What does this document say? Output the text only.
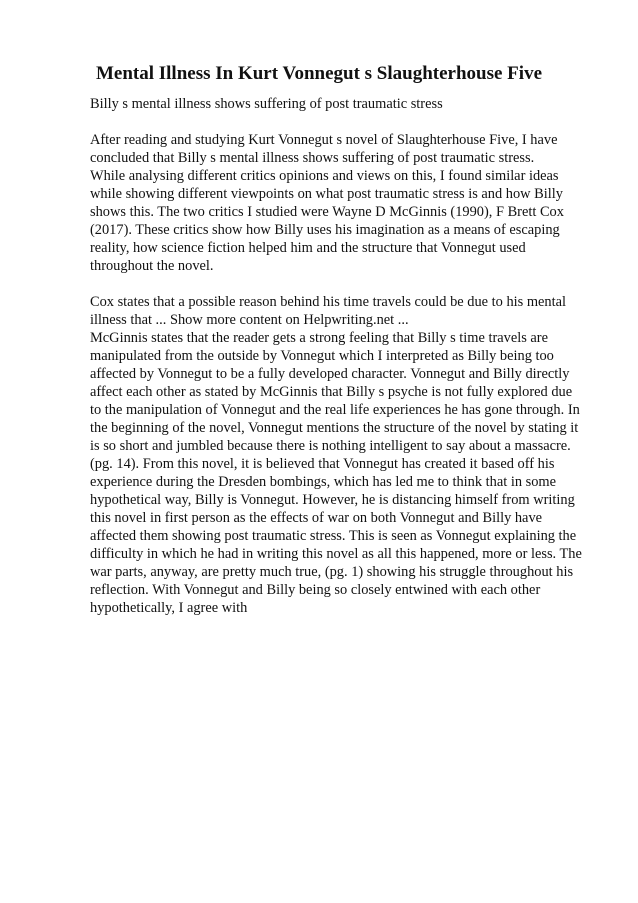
Mental Illness In Kurt Vonnegut s Slaughterhouse Five

Billy s mental illness shows suffering of post traumatic stress

After reading and studying Kurt Vonnegut s novel of Slaughterhouse Five, I have

concluded that Billy s mental illness shows suffering of post traumatic stress.

While analysing different critics opinions and views on this, I found similar ideas

while showing different viewpoints on what post traumatic stress is and how Billy

shows this. The two critics I studied were Wayne D McGinnis (1990), F Brett Cox

(2017). These critics show how Billy uses his imagination as a means of escaping

reality, how science fiction helped him and the structure that Vonnegut used

throughout the novel.

Cox states that a possible reason behind his time travels could be due to his mental

illness that ... Show more content on Helpwriting.net ...

McGinnis states that the reader gets a strong feeling that Billy s time travels are

manipulated from the outside by Vonnegut which I interpreted as Billy being too

affected by Vonnegut to be a fully developed character. Vonnegut and Billy directly

affect each other as stated by McGinnis that Billy s psyche is not fully explored due

to the manipulation of Vonnegut and the real life experiences he has gone through. In

the beginning of the novel, Vonnegut mentions the structure of the novel by stating it

is so short and jumbled because there is nothing intelligent to say about a massacre.

(pg. 14). From this novel, it is believed that Vonnegut has created it based off his

experience during the Dresden bombings, which has led me to think that in some

hypothetical way, Billy is Vonnegut. However, he is distancing himself from writing

this novel in first person as the effects of war on both Vonnegut and Billy have

affected them showing post traumatic stress. This is seen as Vonnegut explaining the

difficulty in which he had in writing this novel as all this happened, more or less. The

war parts, anyway, are pretty much true, (pg. 1) showing his struggle throughout his

reflection. With Vonnegut and Billy being so closely entwined with each other

hypothetically, I agree with
